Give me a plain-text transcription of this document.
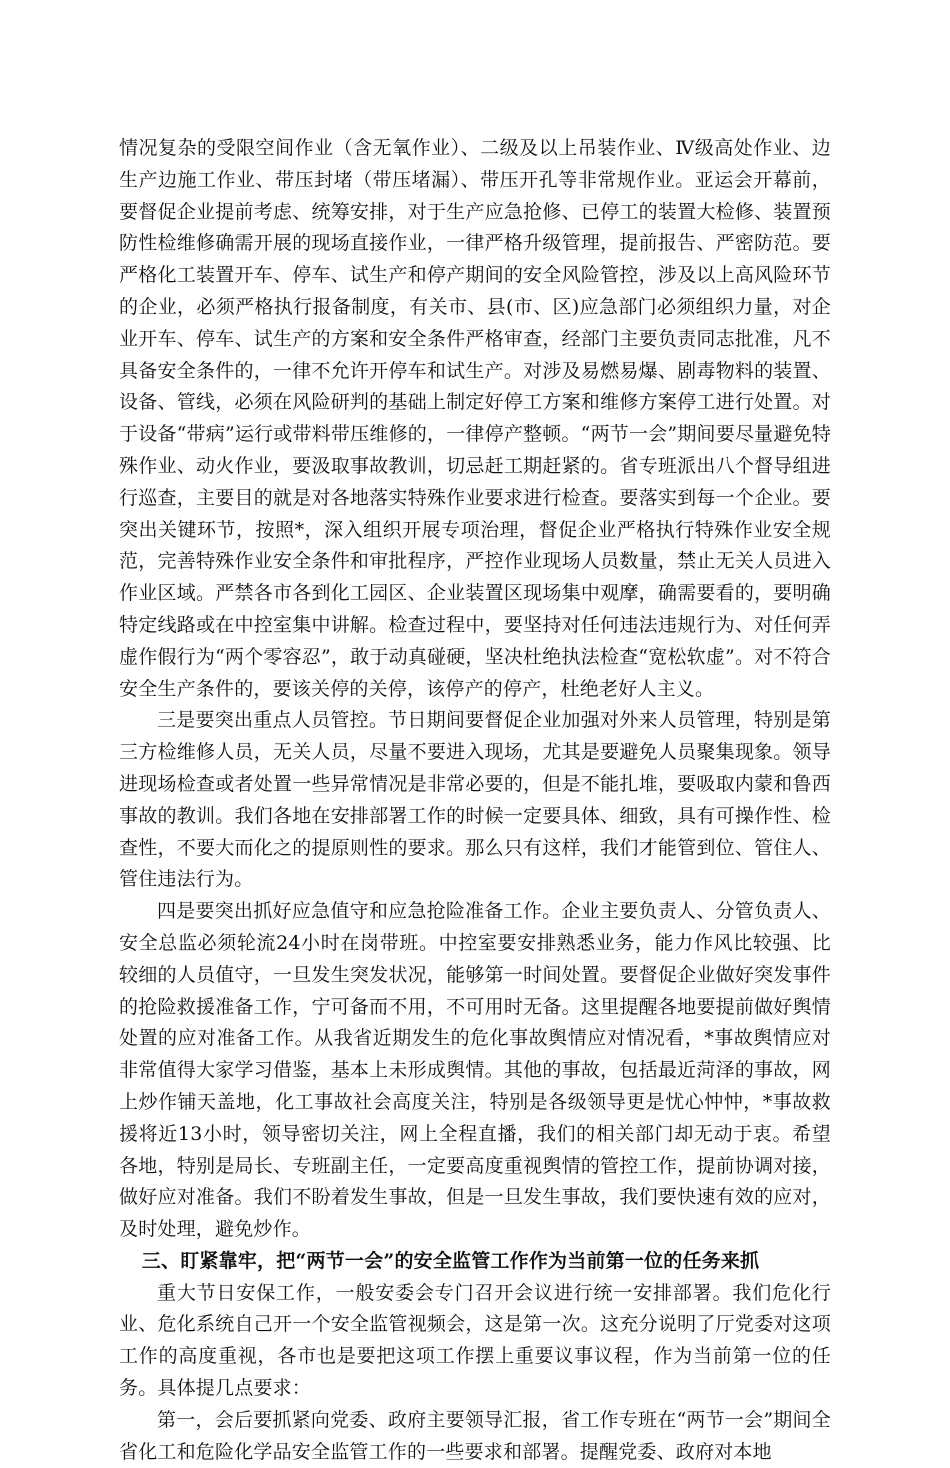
情况复杂的受限空间作业（含无氧作业）、二级及以上吊装作业、Ⅳ级高处作业、边生产边施工作业、带压封堵（带压堵漏）、带压开孔等非常规作业。亚运会开幕前，要督促企业提前考虑、统筹安排，对于生产应急抢修、已停工的装置大检修、装置预防性检维修确需开展的现场直接作业，一律严格升级管理，提前报告、严密防范。要严格化工装置开车、停车、试生产和停产期间的安全风险管控，涉及以上高风险环节的企业，必须严格执行报备制度，有关市、县(市、区)应急部门必须组织力量，对企业开车、停车、试生产的方案和安全条件严格审查，经部门主要负责同志批准，凡不具备安全条件的，一律不允许开停车和试生产。对涉及易燃易爆、剧毒物料的装置、设备、管线，必须在风险研判的基础上制定好停工方案和维修方案停工进行处置。对于设备“带病”运行或带料带压维修的，一律停产整顿。“两节一会”期间要尽量避免特殊作业、动火作业，要汲取事故教训，切忌赶工期赶紧的。省专班派出八个督导组进行巡查，主要目的就是对各地落实特殊作业要求进行检查。要落实到每一个企业。要突出关键环节，按照*，深入组织开展专项治理，督促企业严格执行特殊作业安全规范，完善特殊作业安全条件和审批程序，严控作业现场人员数量，禁止无关人员进入作业区域。严禁各市各到化工园区、企业装置区现场集中观摩，确需要看的，要明确特定线路或在中控室集中讲解。检查过程中，要坚持对任何违法违规行为、对任何弄虚作假行为“两个零容忍”，敢于动真碰硬，坚决杜绝执法检查“宽松软虚”。对不符合安全生产条件的，要该关停的关停，该停产的停产，杜绝老好人主义。

三是要突出重点人员管控。节日期间要督促企业加强对外来人员管理，特别是第三方检维修人员，无关人员，尽量不要进入现场，尤其是要避免人员聚集现象。领导进现场检查或者处置一些异常情况是非常必要的，但是不能扎堆，要吸取内蒙和鲁西事故的教训。我们各地在安排部署工作的时候一定要具体、细致，具有可操作性、检查性，不要大而化之的提原则性的要求。那么只有这样，我们才能管到位、管住人、管住违法行为。

四是要突出抓好应急值守和应急抢险准备工作。企业主要负责人、分管负责人、安全总监必须轮流24小时在岗带班。中控室要安排熟悉业务，能力作风比较强、比较细的人员值守，一旦发生突发状况，能够第一时间处置。要督促企业做好突发事件的抢险救援准备工作，宁可备而不用，不可用时无备。这里提醒各地要提前做好舆情处置的应对准备工作。从我省近期发生的危化事故舆情应对情况看，*事故舆情应对非常值得大家学习借鉴，基本上未形成舆情。其他的事故，包括最近菏泽的事故，网上炒作铺天盖地，化工事故社会高度关注，特别是各级领导更是忧心忡忡，*事故救援将近13小时，领导密切关注，网上全程直播，我们的相关部门却无动于衷。希望各地，特别是局长、专班副主任，一定要高度重视舆情的管控工作，提前协调对接，做好应对准备。我们不盼着发生事故，但是一旦发生事故，我们要快速有效的应对，及时处理，避免炒作。

三、盯紧靠牢，把“两节一会”的安全监管工作作为当前第一位的任务来抓

重大节日安保工作，一般安委会专门召开会议进行统一安排部署。我们危化行业、危化系统自己开一个安全监管视频会，这是第一次。这充分说明了厅党委对这项工作的高度重视，各市也是要把这项工作摆上重要议事议程，作为当前第一位的任务。具体提几点要求：

第一，会后要抓紧向党委、政府主要领导汇报，省工作专班在“两节一会”期间全省化工和危险化学品安全监管工作的一些要求和部署。提醒党委、政府对本地
